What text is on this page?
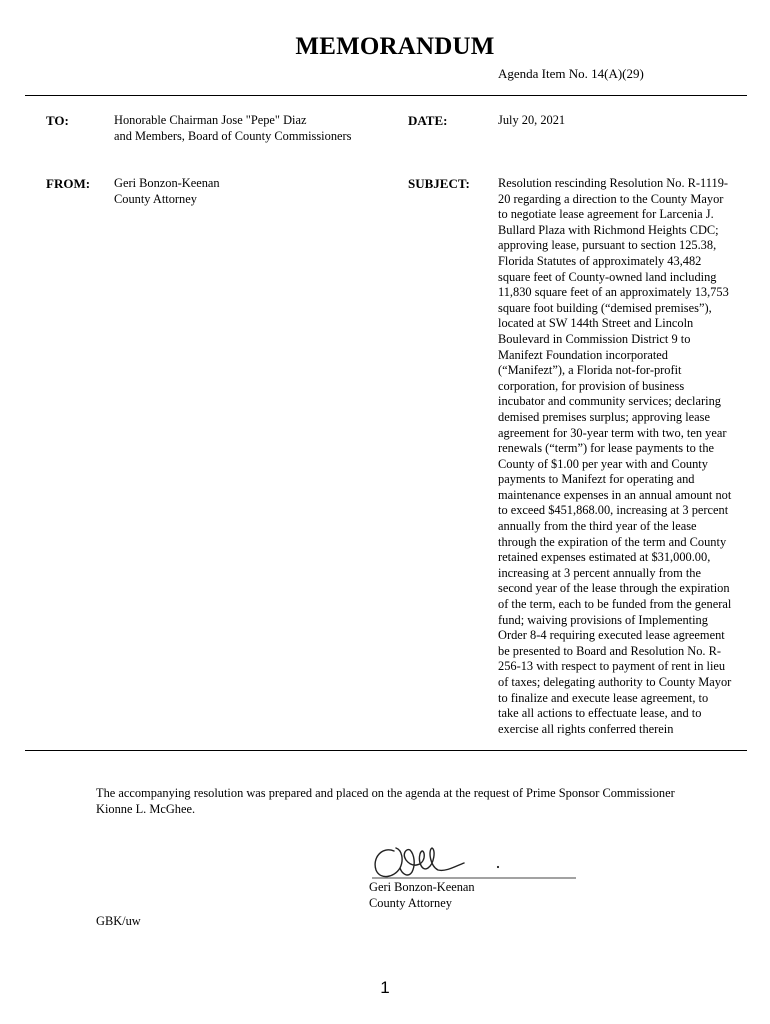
MEMORANDUM
Agenda Item No. 14(A)(29)
TO:	Honorable Chairman Jose "Pepe" Diaz
and Members, Board of County Commissioners
DATE:	July 20, 2021
FROM: Geri Bonzon-Keenan
County Attorney
SUBJECT: Resolution rescinding Resolution No. R-1119-
20 regarding a direction to the County Mayor
to negotiate lease agreement for Larcenia J.
Bullard Plaza with Richmond Heights CDC;
approving lease, pursuant to section 125.38,
Florida Statutes of approximately 43,482
square feet of County-owned land including
11,830 square feet of an approximately 13,753
square foot building (“demised premises”),
located at SW 144th Street and Lincoln
Boulevard in Commission District 9 to
Manifezt Foundation incorporated
(“Manifezt”), a Florida not-for-profit
corporation, for provision of business
incubator and community services; declaring
demised premises surplus; approving lease
agreement for 30-year term with two, ten year
renewals (“term”) for lease payments to the
County of $1.00 per year with and County
payments to Manifezt for operating and
maintenance expenses in an annual amount not
to exceed $451,868.00, increasing at 3 percent
annually from the third year of the lease
through the expiration of the term and County
retained expenses estimated at $31,000.00,
increasing at 3 percent annually from the
second year of the lease through the expiration
of the term, each to be funded from the general
fund; waiving provisions of Implementing
Order 8-4 requiring executed lease agreement
be presented to Board and Resolution No. R-
256-13 with respect to payment of rent in lieu
of taxes; delegating authority to County Mayor
to finalize and execute lease agreement, to
take all actions to effectuate lease, and to
exercise all rights conferred therein
The accompanying resolution was prepared and placed on the agenda at the request of Prime Sponsor Commissioner
Kionne L. McGhee.
Geri Bonzon-Keenan
County Attorney
GBK/uw
1
